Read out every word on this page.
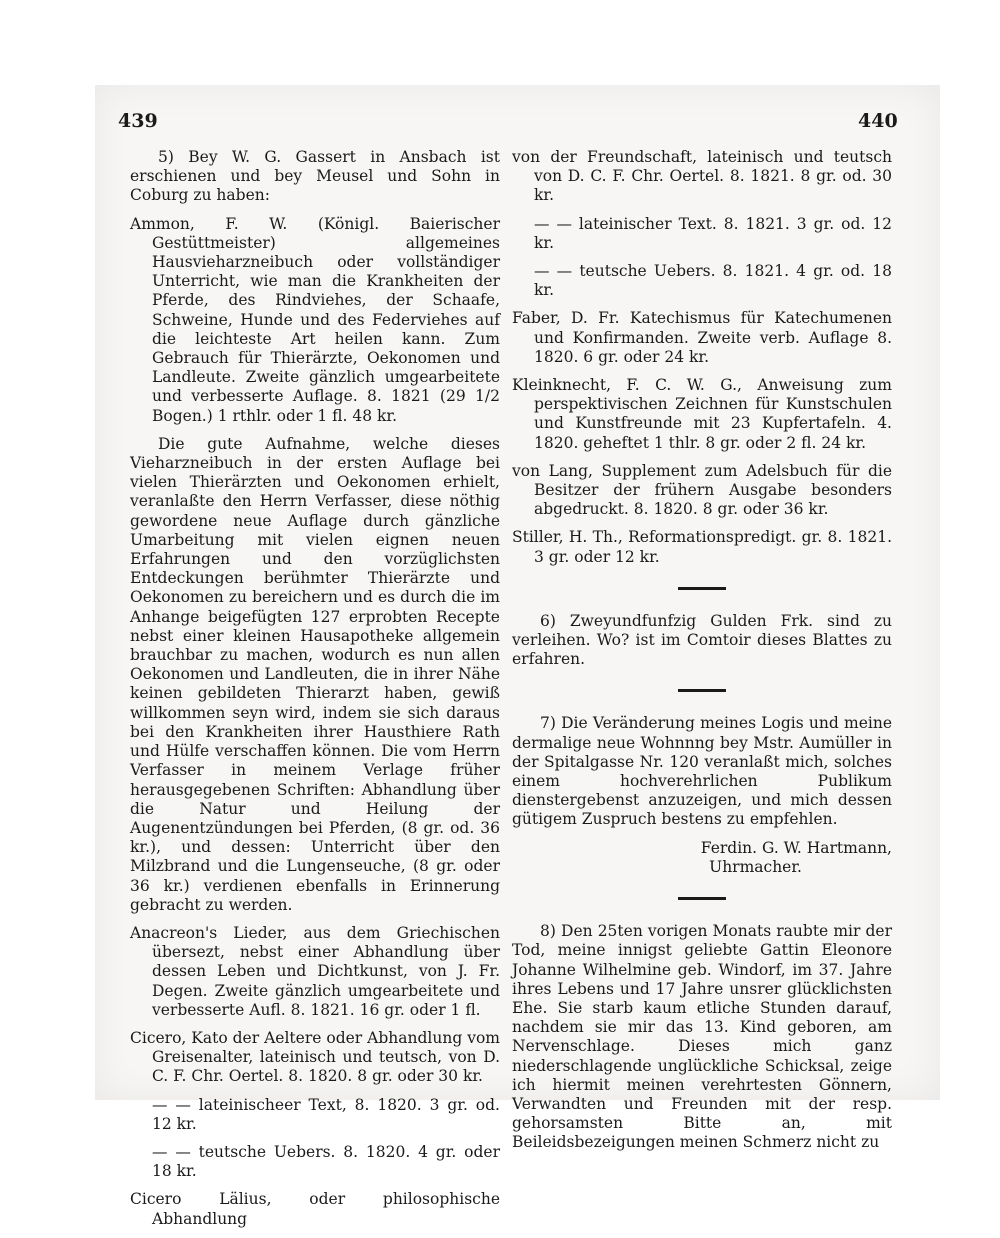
439	440

5) Bey W. G. Gassert in Ansbach ist erschienen und bey Meusel und Sohn in Coburg zu haben:

Ammon, F. W. (Königl. Baierischer Gestüttmeister) allgemeines Hausvieharzneibuch oder vollständiger Unterricht, wie man die Krankheiten der Pferde, des Rindviehes, der Schaafe, Schweine, Hunde und des Federviehes auf die leichteste Art heilen kann. Zum Gebrauch für Thierärzte, Oekonomen und Landleute. Zweite gänzlich umgearbeitete und verbesserte Auflage. 8. 1821 (29 1/2 Bogen.) 1 rthlr. oder 1 fl. 48 kr.

Die gute Aufnahme, welche dieses Vieharzneibuch in der ersten Auflage bei vielen Thierärzten und Oekonomen erhielt, veranlaßte den Herrn Verfasser, diese nöthig gewordene neue Auflage durch gänzliche Umarbeitung mit vielen eignen neuen Erfahrungen und den vorzüglichsten Entdeckungen berühmter Thierärzte und Oekonomen zu bereichern und es durch die im Anhange beigefügten 127 erprobten Recepte nebst einer kleinen Hausapotheke allgemein brauchbar zu machen, wodurch es nun allen Oekonomen und Landleuten, die in ihrer Nähe keinen gebildeten Thierarzt haben, gewiß willkommen seyn wird, indem sie sich daraus bei den Krankheiten ihrer Hausthiere Rath und Hülfe verschaffen können. Die vom Herrn Verfasser in meinem Verlage früher herausgegebenen Schriften: Abhandlung über die Natur und Heilung der Augenentzündungen bei Pferden, (8 gr. od. 36 kr.), und dessen: Unterricht über den Milzbrand und die Lungenseuche, (8 gr. oder 36 kr.) verdienen ebenfalls in Erinnerung gebracht zu werden.

Anacreon's Lieder, aus dem Griechischen übersezt, nebst einer Abhandlung über dessen Leben und Dichtkunst, von J. Fr. Degen. Zweite gänzlich umgearbeitete und verbesserte Aufl. 8. 1821. 16 gr. oder 1 fl.

Cicero, Kato der Aeltere oder Abhandlung vom Greisenalter, lateinisch und teutsch, von D. C. F. Chr. Oertel. 8. 1820. 8 gr. oder 30 kr.

— — lateinischeer Text, 8. 1820. 3 gr. od. 12 kr.

— — teutsche Uebers. 8. 1820. 4 gr. oder 18 kr.

Cicero Lälius, oder philosophische Abhandlung

von der Freundschaft, lateinisch und teutsch von D. C. F. Chr. Oertel. 8. 1821. 8 gr. od. 30 kr.

— — lateinischer Text. 8. 1821. 3 gr. od. 12 kr.

— — teutsche Uebers. 8. 1821. 4 gr. od. 18 kr.

Faber, D. Fr. Katechismus für Katechumenen und Konfirmanden. Zweite verb. Auflage 8. 1820. 6 gr. oder 24 kr.

Kleinknecht, F. C. W. G., Anweisung zum perspektivischen Zeichnen für Kunstschulen und Kunstfreunde mit 23 Kupfertafeln. 4. 1820. geheftet 1 thlr. 8 gr. oder 2 fl. 24 kr.

von Lang, Supplement zum Adelsbuch für die Besitzer der frühern Ausgabe besonders abgedruckt. 8. 1820. 8 gr. oder 36 kr.

Stiller, H. Th., Reformationspredigt. gr. 8. 1821. 3 gr. oder 12 kr.

6) Zweyundfunfzig Gulden Frk. sind zu verleihen. Wo? ist im Comtoir dieses Blattes zu erfahren.

7) Die Veränderung meines Logis und meine dermalige neue Wohnnng bey Mstr. Aumüller in der Spitalgasse Nr. 120 veranlaßt mich, solches einem hochverehrlichen Publikum dienstergebenst anzuzeigen, und mich dessen gütigem Zuspruch bestens zu empfehlen.

Ferdin. G. W. Hartmann,

Uhrmacher.

8) Den 25ten vorigen Monats raubte mir der Tod, meine innigst geliebte Gattin Eleonore Johanne Wilhelmine geb. Windorf, im 37. Jahre ihres Lebens und 17 Jahre unsrer glücklichsten Ehe. Sie starb kaum etliche Stunden darauf, nachdem sie mir das 13. Kind geboren, am Nervenschlage. Dieses mich ganz niederschlagende unglückliche Schicksal, zeige ich hiermit meinen verehrtesten Gönnern, Verwandten und Freunden mit der resp. gehorsamsten Bitte an, mit Beileidsbezeigungen meinen Schmerz nicht zu
